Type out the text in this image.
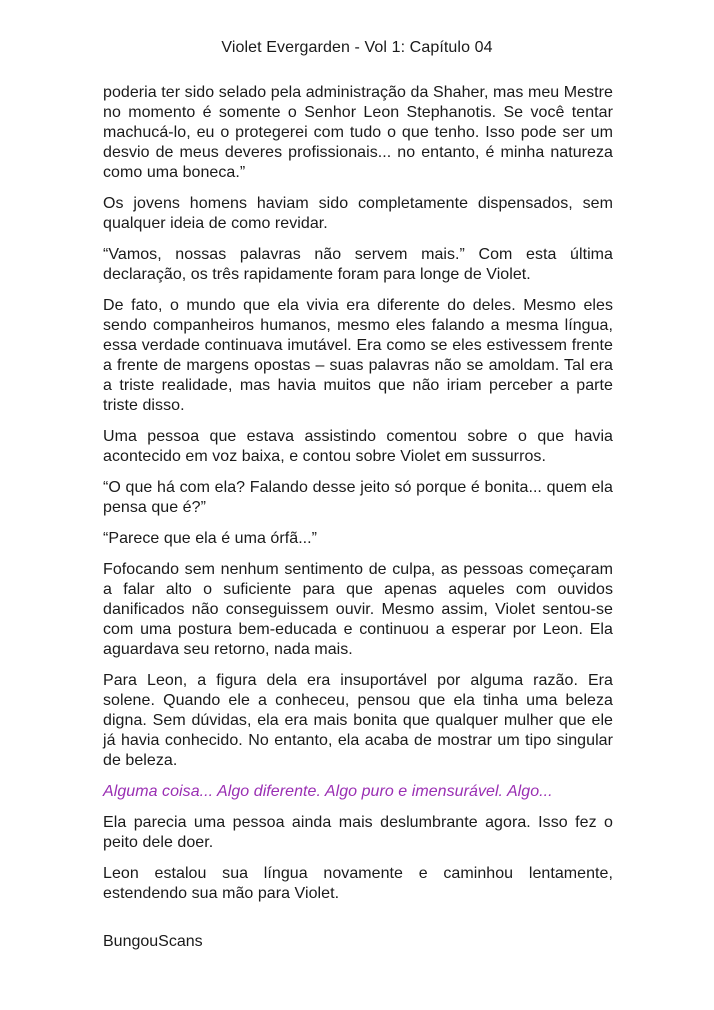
Violet Evergarden - Vol 1: Capítulo 04

poderia ter sido selado pela administração da Shaher, mas meu Mestre no momento é somente o Senhor Leon Stephanotis. Se você tentar machucá-lo, eu o protegerei com tudo o que tenho. Isso pode ser um desvio de meus deveres profissionais... no entanto, é minha natureza como uma boneca.”

Os jovens homens haviam sido completamente dispensados, sem qualquer ideia de como revidar.

“Vamos, nossas palavras não servem mais.” Com esta última declaração, os três rapidamente foram para longe de Violet.

De fato, o mundo que ela vivia era diferente do deles. Mesmo eles sendo companheiros humanos, mesmo eles falando a mesma língua, essa verdade continuava imutável. Era como se eles estivessem frente a frente de margens opostas – suas palavras não se amoldam. Tal era a triste realidade, mas havia muitos que não iriam perceber a parte triste disso.

Uma pessoa que estava assistindo comentou sobre o que havia acontecido em voz baixa, e contou sobre Violet em sussurros.

“O que há com ela? Falando desse jeito só porque é bonita... quem ela pensa que é?”

“Parece que ela é uma órfã...”

Fofocando sem nenhum sentimento de culpa, as pessoas começaram a falar alto o suficiente para que apenas aqueles com ouvidos danificados não conseguissem ouvir. Mesmo assim, Violet sentou-se com uma postura bem-educada e continuou a esperar por Leon. Ela aguardava seu retorno, nada mais.

Para Leon, a figura dela era insuportável por alguma razão. Era solene. Quando ele a conheceu, pensou que ela tinha uma beleza digna. Sem dúvidas, ela era mais bonita que qualquer mulher que ele já havia conhecido. No entanto, ela acaba de mostrar um tipo singular de beleza.

Alguma coisa... Algo diferente. Algo puro e imensurável. Algo...

Ela parecia uma pessoa ainda mais deslumbrante agora. Isso fez o peito dele doer.

Leon estalou sua língua novamente e caminhou lentamente, estendendo sua mão para Violet.

BungouScans
